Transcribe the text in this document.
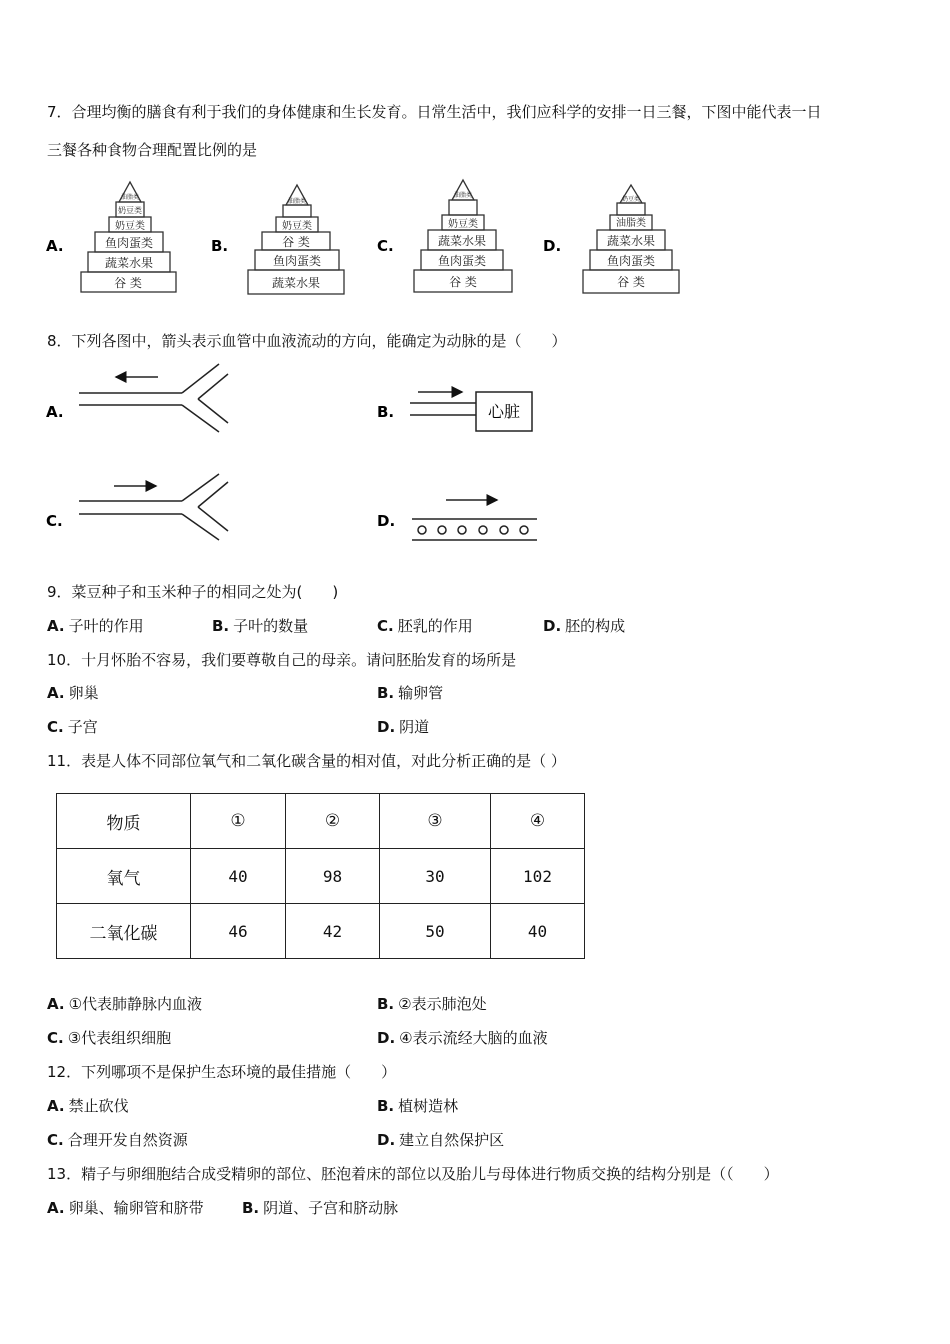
7．合理均衡的膳食有利于我们的身体健康和生长发育。日常生活中，我们应科学的安排一日三餐，下图中能代表一日
三餐各种食物合理配置比例的是
A.
油脂类
奶豆类
奶豆类
鱼肉蛋类
蔬菜水果
谷 类
B.
油脂类
奶豆类
谷 类
鱼肉蛋类
蔬菜水果
C.
油脂类
奶豆类
蔬菜水果
鱼肉蛋类
谷 类
D.
奶豆类
油脂类
蔬菜水果
鱼肉蛋类
谷 类
8．下列各图中，箭头表示血管中血液流动的方向，能确定为动脉的是（　　）
A.	B.	心脏
C.	D.
9．菜豆种子和玉米种子的相同之处为(　　)
A. 子叶的作用	B. 子叶的数量	C. 胚乳的作用	D. 胚的构成
10．十月怀胎不容易，我们要尊敬自己的母亲。请问胚胎发育的场所是
A. 卵巢	B. 输卵管
C. 子宫	D. 阴道
11．表是人体不同部位氧气和二氧化碳含量的相对值，对此分析正确的是（ ）
物质	①	②	③	④
氧气	40	98	30	102
二氧化碳	46	42	50	40
A. ①代表肺静脉内血液	B. ②表示肺泡处
C. ③代表组织细胞	D. ④表示流经大脑的血液
12．下列哪项不是保护生态环境的最佳措施（　　）
A. 禁止砍伐	B. 植树造林
C. 合理开发自然资源	D. 建立自然保护区
13．精子与卵细胞结合成受精卵的部位、胚泡着床的部位以及胎儿与母体进行物质交换的结构分别是（（　　）
A. 卵巢、输卵管和脐带	B. 阴道、子宫和脐动脉
